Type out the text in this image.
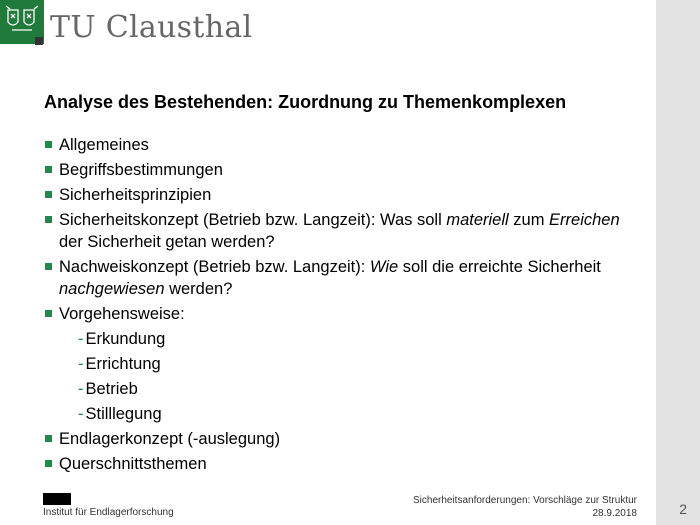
2
TU Clausthal
Analyse des Bestehenden: Zuordnung zu Themenkomplexen
Allgemeines
Begriffsbestimmungen
Sicherheitsprinzipien
Sicherheitskonzept (Betrieb bzw. Langzeit): Was soll materiell zum Erreichen der Sicherheit getan werden?
Nachweiskonzept (Betrieb bzw. Langzeit): Wie soll die erreichte Sicherheit nachgewiesen werden?
Vorgehensweise:
- Erkundung
- Errichtung
- Betrieb
- Stilllegung
Endlagerkonzept (-auslegung)
Querschnittsthemen
Institut für Endlagerforschung
Sicherheitsanforderungen: Vorschläge zur Struktur
28.9.2018
